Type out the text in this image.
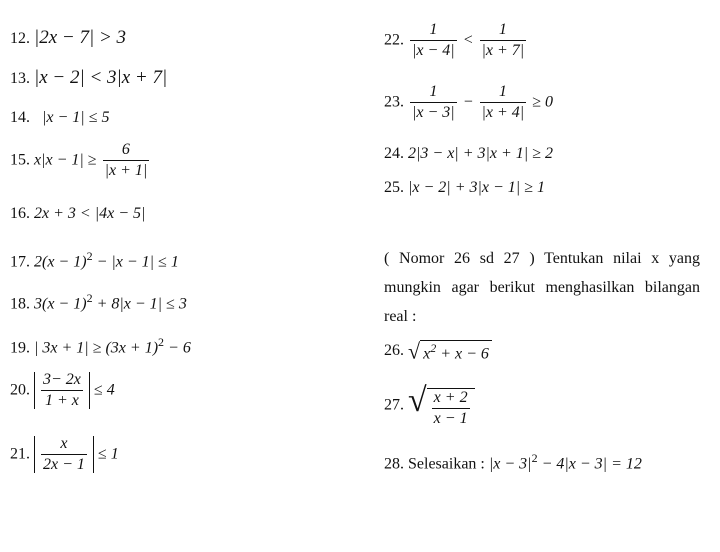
12. |2x − 7| > 3
13. |x − 2| < 3|x + 7|
14. |x − 1| ≤ 5
15. $x|x - 1| \ge \frac{6}{|x + 1|}$
16. 2x + 3 < |4x − 5|
17. $2(x - 1)^2 - |x - 1| \le 1$
18. $3(x - 1)^2 + 8|x - 1| \le 3$
19. | $3x + 1| \ge (3x + 1)^2 - 6$
20. $\frac{3- 2x}{1 + x} \le 4$
21. $\frac{x}{2x - 1} \le 1$
22. $\frac{1}{|x - 4|} < \frac{1}{|x + 7|}$
23. $\frac{1}{|x - 3|} - \frac{1}{|x + 4|} \ge 0$
24. 2|3 − x| + 3|x + 1| ≥ 2
25. |x − 2| + 3|x − 1| ≥ 1
( Nomor 26 sd 27 ) Tentukan nilai x yang mungkin agar berikut menghasilkan bilangan real :
26. √ $x^2 + x - 6$
27. √ $\frac{x + 2}{x - 1}$
28. Selesaikan : $|x - 3|^2 - 4|x - 3| = 12$
